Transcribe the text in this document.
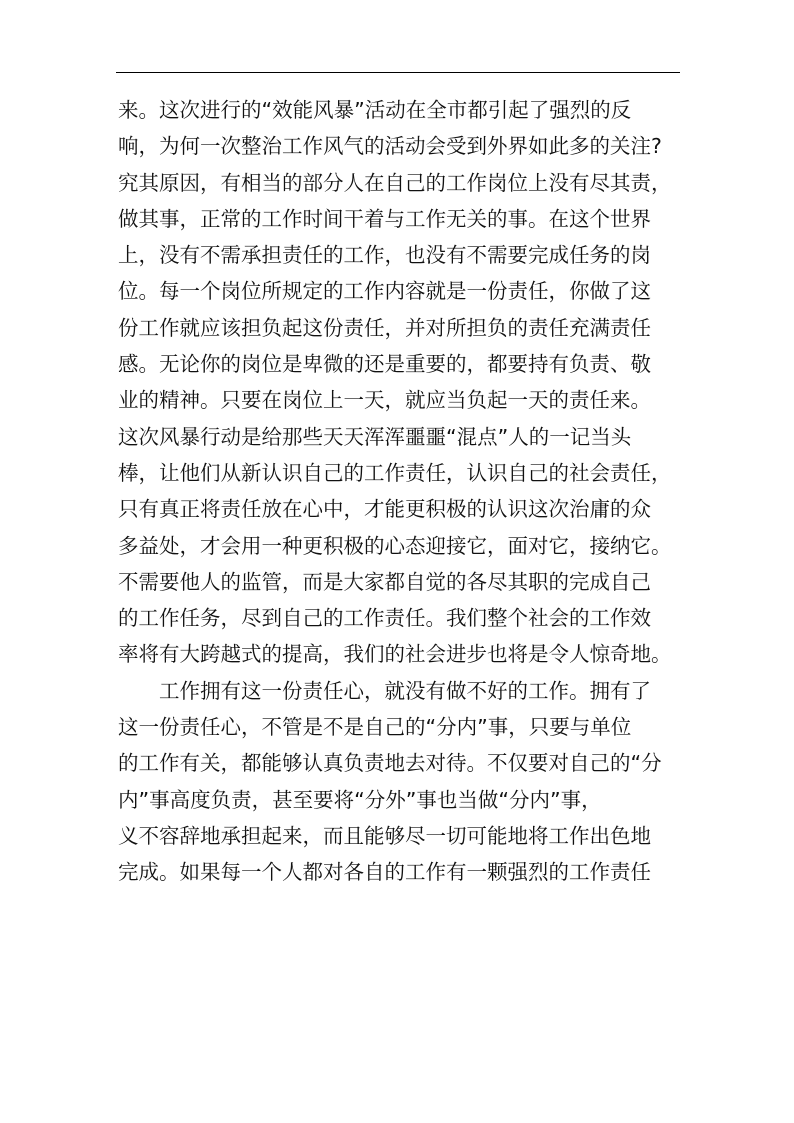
来。这次进行的“效能风暴”活动在全市都引起了强烈的反
响，为何一次整治工作风气的活动会受到外界如此多的关注?
究其原因，有相当的部分人在自己的工作岗位上没有尽其责，
做其事，正常的工作时间干着与工作无关的事。在这个世界
上，没有不需承担责任的工作，也没有不需要完成任务的岗
位。每一个岗位所规定的工作内容就是一份责任，你做了这
份工作就应该担负起这份责任，并对所担负的责任充满责任
感。无论你的岗位是卑微的还是重要的，都要持有负责、敬
业的精神。只要在岗位上一天，就应当负起一天的责任来。
这次风暴行动是给那些天天浑浑噩噩“混点”人的一记当头
棒，让他们从新认识自己的工作责任，认识自己的社会责任，
只有真正将责任放在心中，才能更积极的认识这次治庸的众
多益处，才会用一种更积极的心态迎接它，面对它，接纳它。
不需要他人的监管，而是大家都自觉的各尽其职的完成自己
的工作任务，尽到自己的工作责任。我们整个社会的工作效
率将有大跨越式的提高，我们的社会进步也将是令人惊奇地。
工作拥有这一份责任心，就没有做不好的工作。拥有了
这一份责任心，不管是不是自己的“分内”事，只要与单位
的工作有关，都能够认真负责地去对待。不仅要对自己的“分
内”事高度负责，甚至要将“分外”事也当做“分内”事，
义不容辞地承担起来，而且能够尽一切可能地将工作出色地
完成。如果每一个人都对各自的工作有一颗强烈的工作责任
